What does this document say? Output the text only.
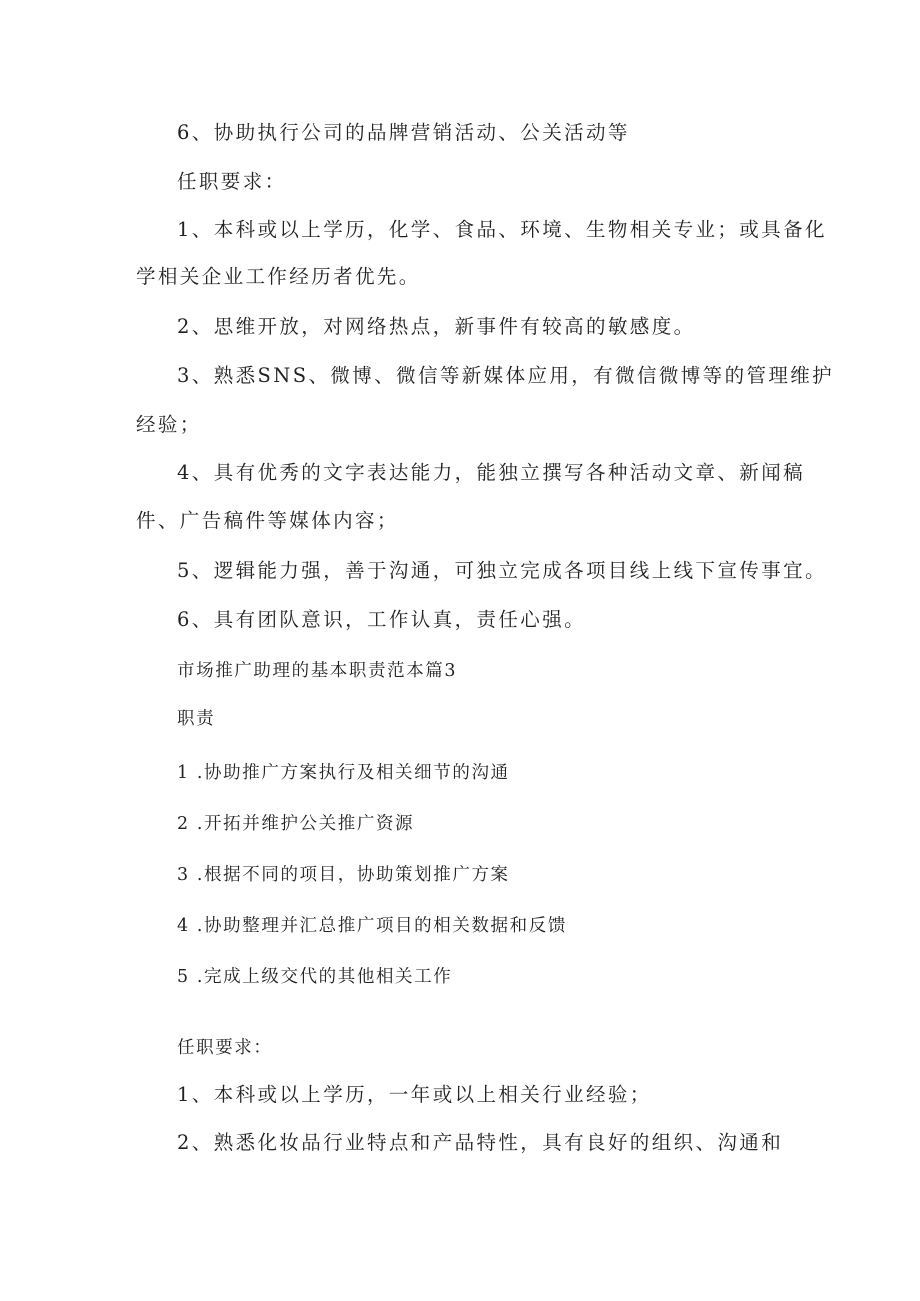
6、协助执行公司的品牌营销活动、公关活动等
任职要求：
1、本科或以上学历，化学、食品、环境、生物相关专业；或具备化
学相关企业工作经历者优先。
2、思维开放，对网络热点，新事件有较高的敏感度。
3、熟悉SNS、微博、微信等新媒体应用，有微信微博等的管理维护
经验；
4、具有优秀的文字表达能力，能独立撰写各种活动文章、新闻稿
件、广告稿件等媒体内容；
5、逻辑能力强，善于沟通，可独立完成各项目线上线下宣传事宜。
6、具有团队意识，工作认真，责任心强。
市场推广助理的基本职责范本篇3
职责
1 .协助推广方案执行及相关细节的沟通
2 .开拓并维护公关推广资源
3 .根据不同的项目，协助策划推广方案
4 .协助整理并汇总推广项目的相关数据和反馈
5 .完成上级交代的其他相关工作
任职要求：
1、本科或以上学历，一年或以上相关行业经验；
2、熟悉化妆品行业特点和产品特性，具有良好的组织、沟通和
